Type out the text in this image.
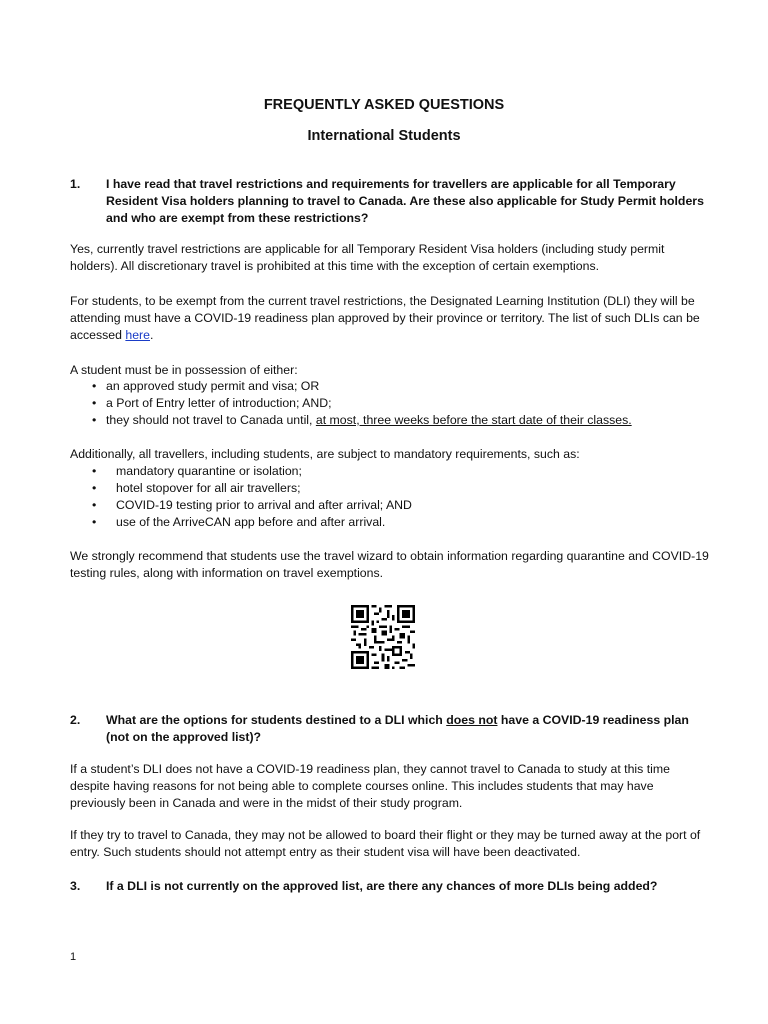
FREQUENTLY ASKED QUESTIONS
International Students
1.	I have read that travel restrictions and requirements for travellers are applicable for all Temporary Resident Visa holders planning to travel to Canada. Are these also applicable for Study Permit holders and who are exempt from these restrictions?
Yes, currently travel restrictions are applicable for all Temporary Resident Visa holders (including study permit holders). All discretionary travel is prohibited at this time with the exception of certain exemptions.
For students, to be exempt from the current travel restrictions, the Designated Learning Institution (DLI) they will be attending must have a COVID-19 readiness plan approved by their province or territory. The list of such DLIs can be accessed here.
A student must be in possession of either:
• an approved study permit and visa; OR
• a Port of Entry letter of introduction; AND;
• they should not travel to Canada until, at most, three weeks before the start date of their classes.
Additionally, all travellers, including students, are subject to mandatory requirements, such as:
• mandatory quarantine or isolation;
• hotel stopover for all air travellers;
• COVID-19 testing prior to arrival and after arrival; AND
• use of the ArriveCAN app before and after arrival.
We strongly recommend that students use the travel wizard to obtain information regarding quarantine and COVID-19 testing rules, along with information on travel exemptions.
2.	What are the options for students destined to a DLI which does not have a COVID-19 readiness plan (not on the approved list)?
If a student’s DLI does not have a COVID-19 readiness plan, they cannot travel to Canada to study at this time despite having reasons for not being able to complete courses online. This includes students that may have previously been in Canada and were in the midst of their study program.
If they try to travel to Canada, they may not be allowed to board their flight or they may be turned away at the port of entry. Such students should not attempt entry as their student visa will have been deactivated.
3.	If a DLI is not currently on the approved list, are there any chances of more DLIs being added?
1
